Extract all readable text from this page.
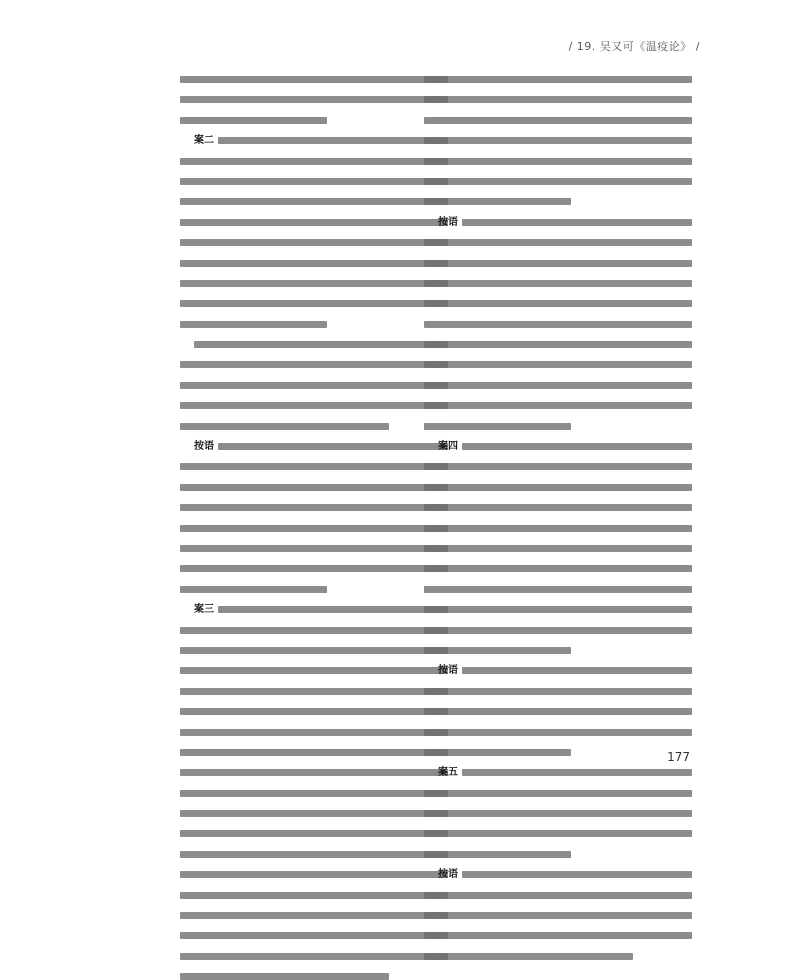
/ 19. 吴又可《温疫论》 /
案二
按语
案三
按语
案四
按语
案五
按语
177
